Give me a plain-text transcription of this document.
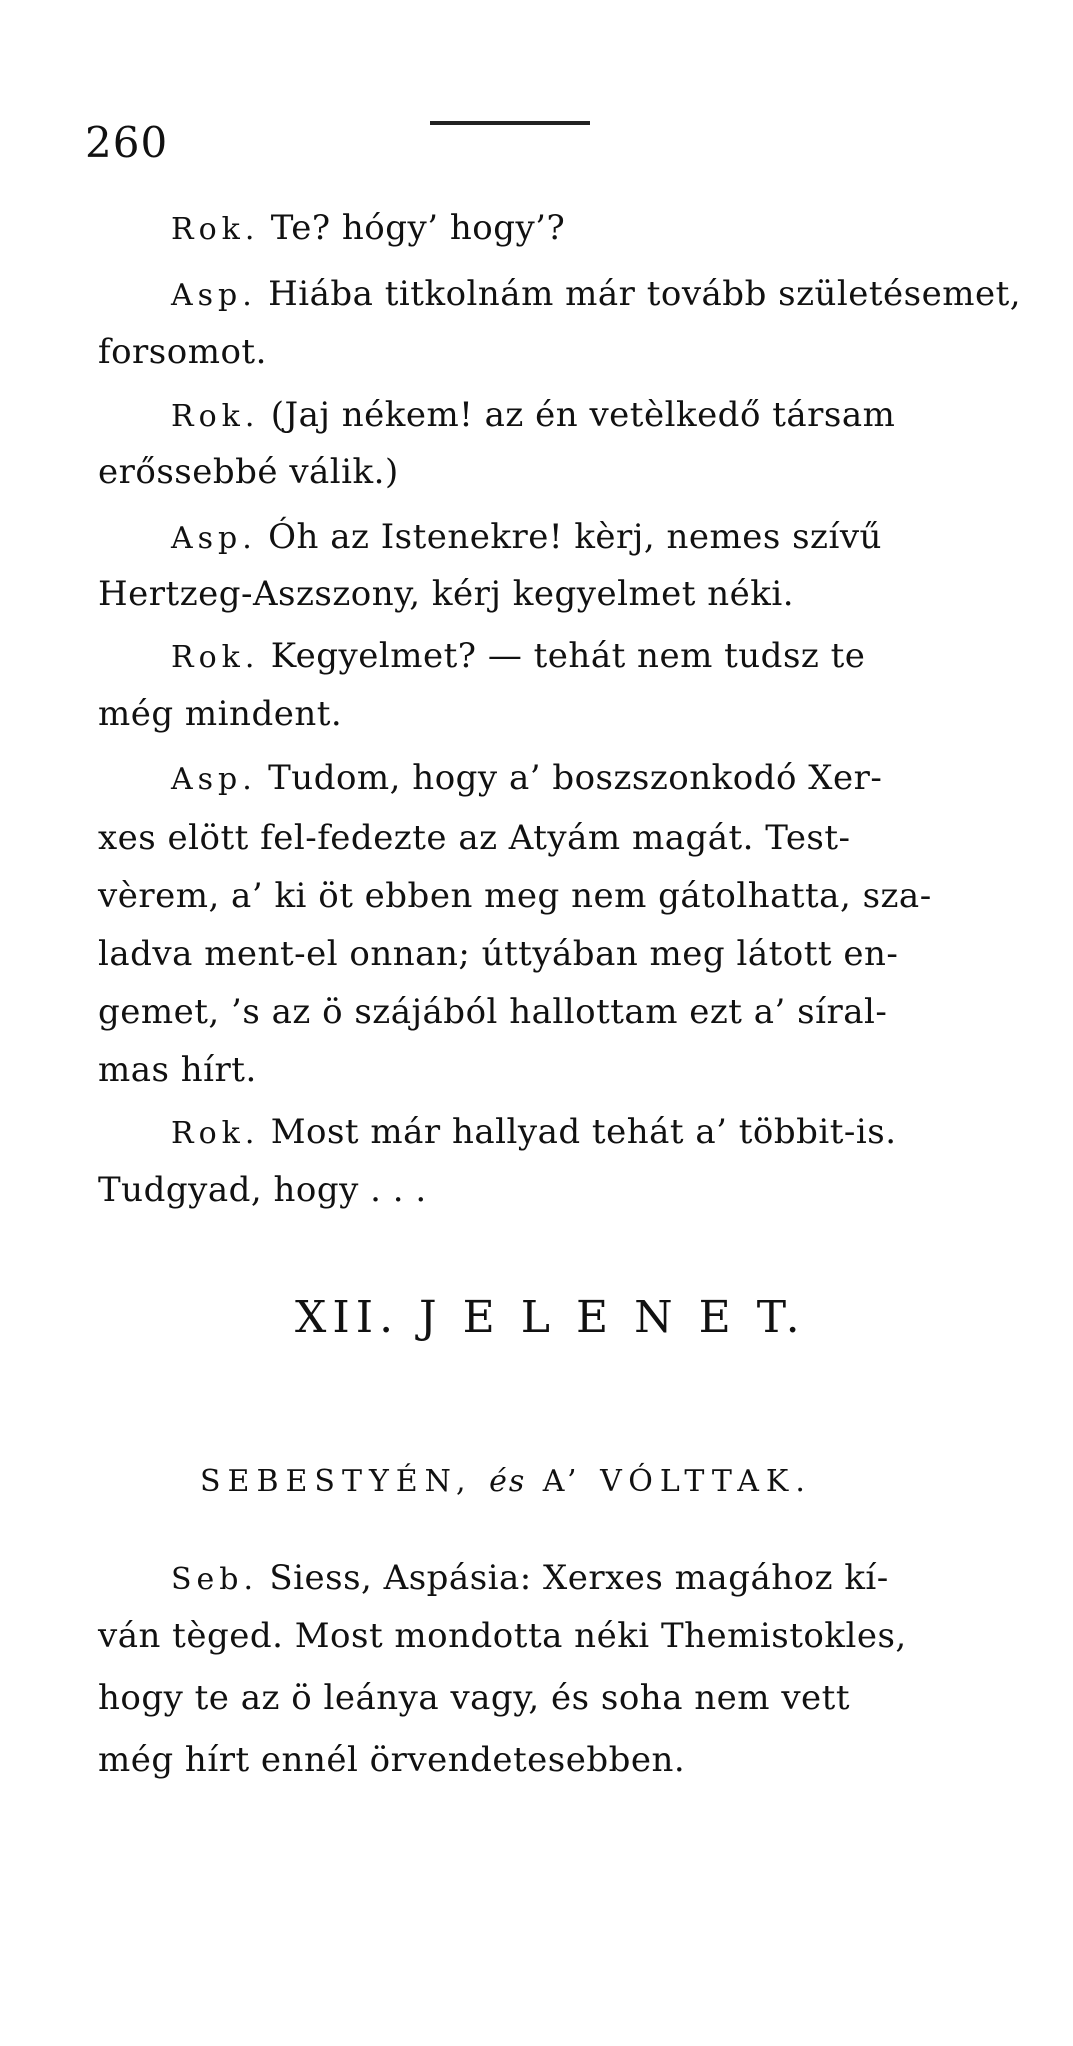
260
Rok. Te? hógy’ hogy’?
Asp. Hiába titkolnám már tovább születésemet,
forsomot.
Rok. (Jaj nékem! az én vetèlkedő társam
erőssebbé válik.)
Asp. Óh az Istenekre! kèrj, nemes szívű
Hertzeg-Aszszony, kérj kegyelmet néki.
Rok. Kegyelmet? — tehát nem tudsz te
még mindent.
Asp. Tudom, hogy a’ boszszonkodó Xer-
xes elött fel-fedezte az Atyám magát. Test-
vèrem, a’ ki öt ebben meg nem gátolhatta, sza-
ladva ment-el onnan; úttyában meg látott en-
gemet, ’s az ö szájából hallottam ezt a’ síral-
mas hírt.
Rok. Most már hallyad tehát a’ többit-is.
Tudgyad, hogy . . .
XII. J E L E N E T.
SEBESTYÉN, és A’ VÓLTTAK.
Seb. Siess, Aspásia: Xerxes magához kí-
ván tèged. Most mondotta néki Themistokles,
hogy te az ö leánya vagy, és soha nem vett
még hírt ennél örvendetesebben.
